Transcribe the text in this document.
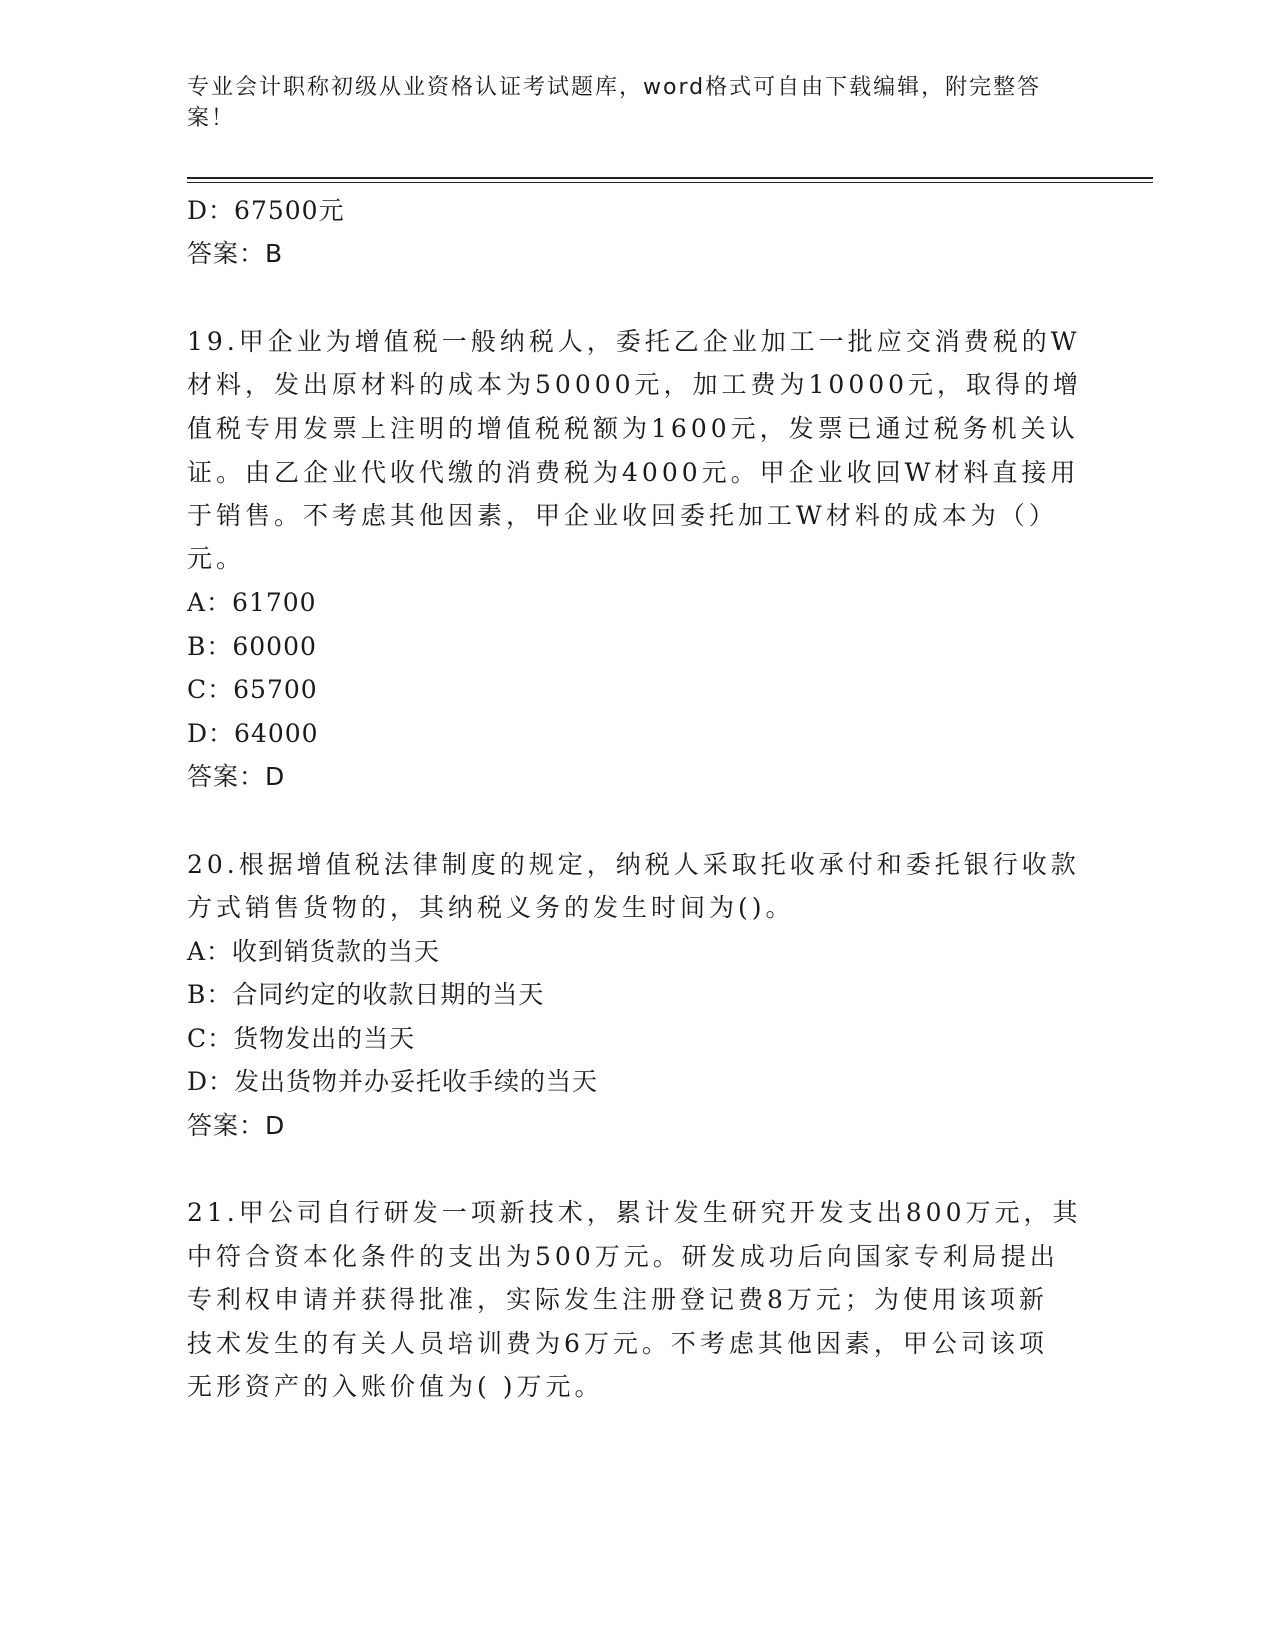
专业会计职称初级从业资格认证考试题库，word格式可自由下载编辑，附完整答案！
D：67500元
答案：B
19.甲企业为增值税一般纳税人，委托乙企业加工一批应交消费税的W
材料，发出原材料的成本为50000元，加工费为10000元，取得的增
值税专用发票上注明的增值税税额为1600元，发票已通过税务机关认
证。由乙企业代收代缴的消费税为4000元。甲企业收回W材料直接用
于销售。不考虑其他因素，甲企业收回委托加工W材料的成本为（）
元。
A：61700
B：60000
C：65700
D：64000
答案：D
20.根据增值税法律制度的规定，纳税人采取托收承付和委托银行收款
方式销售货物的，其纳税义务的发生时间为()。
A：收到销货款的当天
B：合同约定的收款日期的当天
C：货物发出的当天
D：发出货物并办妥托收手续的当天
答案：D
21.甲公司自行研发一项新技术，累计发生研究开发支出800万元，其
中符合资本化条件的支出为500万元。研发成功后向国家专利局提出
专利权申请并获得批准，实际发生注册登记费8万元；为使用该项新
技术发生的有关人员培训费为6万元。不考虑其他因素，甲公司该项
无形资产的入账价值为( )万元。
